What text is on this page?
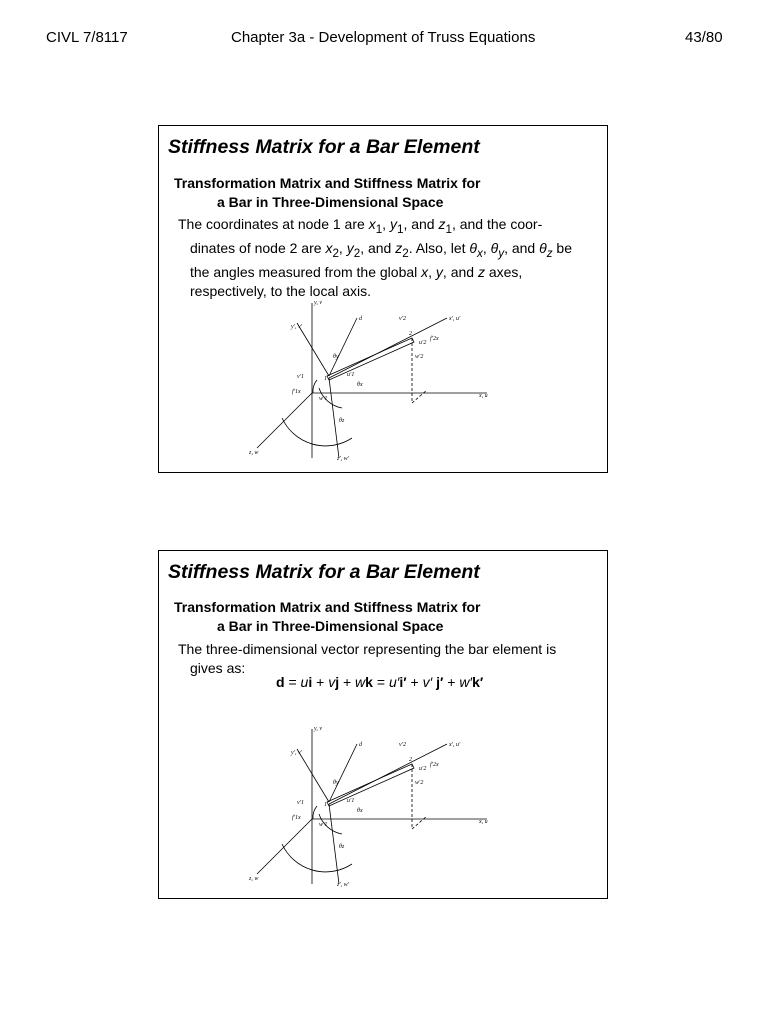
CIVL 7/8117	Chapter 3a - Development of Truss Equations	43/80
Stiffness Matrix for a Bar Element
Transformation Matrix and Stiffness Matrix for
a Bar in Three-Dimensional Space
The coordinates at node 1 are $x_1$, $y_1$, and $z_1$, and the coor-
dinates of node 2 are $x_2$, $y_2$, and $z_2$. Also, let $\theta_x$, $\theta_y$, and $\theta_z$ be
the angles measured from the global x, y, and z axes,
respectively, to the local axis.
y, v
x, u
z, w
y′, v′
d	x′, u′
z′, w′
θy
θx
θz
1
2
v′1	u′1
w′1
f′1x
v′2
u′2
w′2
f′2x
Stiffness Matrix for a Bar Element
Transformation Matrix and Stiffness Matrix for
a Bar in Three-Dimensional Space
The three-dimensional vector representing the bar element is
gives as:
d = ui + vj + wk = u′i′ + v′ j′ + w′k′
y, v
x, u
z, w
y′, v′
d	x′, u′
z′, w′
θy
θx
θz
1
2
v′1	u′1
w′1
f′1x
v′2
u′2
w′2
f′2x
